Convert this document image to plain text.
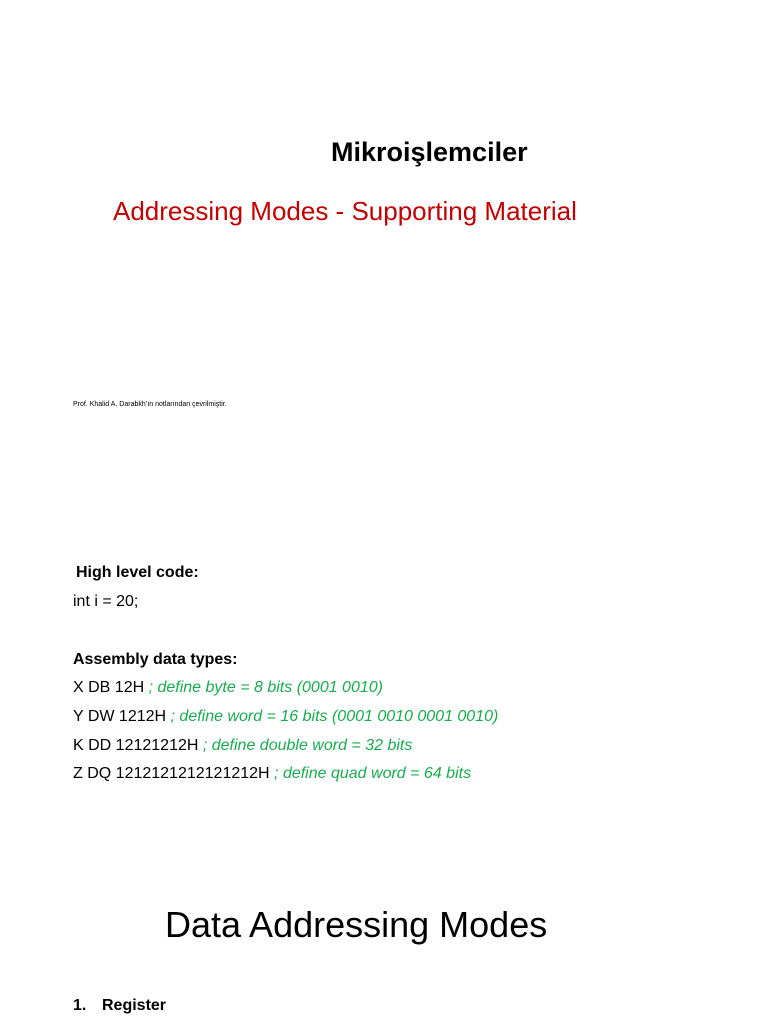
Mikroişlemciler
Addressing Modes - Supporting Material
Prof. Khalid A. Darabkh’ın notlarından çevrilmiştir.
High level code:
int i = 20;
Assembly data types:
X DB 12H ; define byte = 8 bits (0001 0010)
Y DW 1212H ; define word = 16 bits (0001 0010 0001 0010)
K DD 12121212H ; define double word = 32 bits
Z DQ 1212121212121212H ; define quad word = 64 bits
Data Addressing Modes
1. Register
